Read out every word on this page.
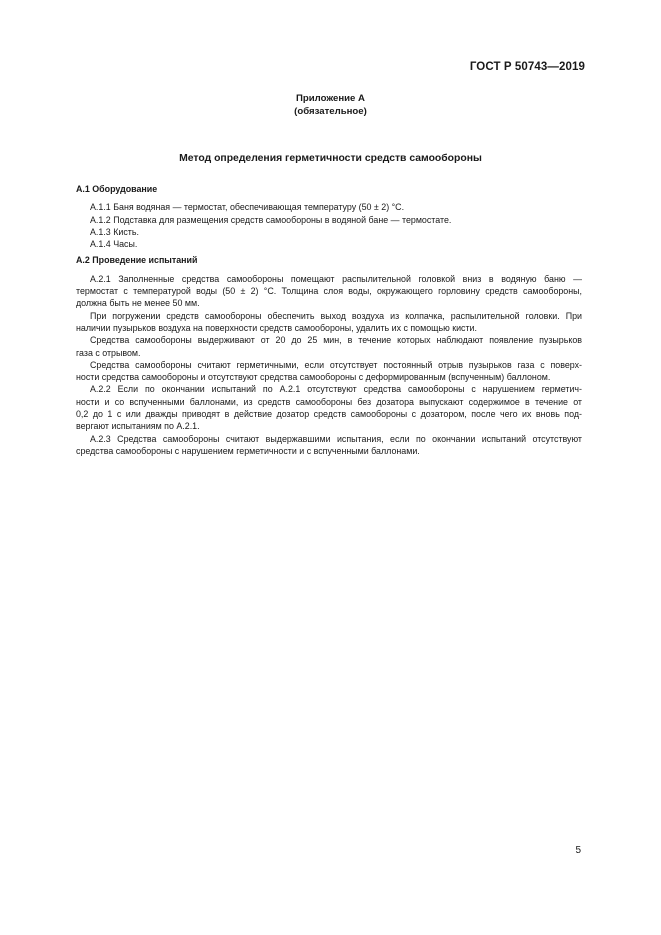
ГОСТ Р 50743—2019
Приложение А
(обязательное)
Метод определения герметичности средств самообороны
А.1 Оборудование
А.1.1 Баня водяная — термостат, обеспечивающая температуру (50 ± 2) °С.
А.1.2 Подставка для размещения средств самообороны в водяной бане — термостате.
А.1.3 Кисть.
А.1.4 Часы.
А.2 Проведение испытаний
А.2.1 Заполненные средства самообороны помещают распылительной головкой вниз в водяную баню —
термостат с температурой воды (50 ± 2) °С. Толщина слоя воды, окружающего горловину средств самообороны,
должна быть не менее 50 мм.
При погружении средств самообороны обеспечить выход воздуха из колпачка, распылительной головки. При
наличии пузырьков воздуха на поверхности средств самообороны, удалить их с помощью кисти.
Средства самообороны выдерживают от 20 до 25 мин, в течение которых наблюдают появление пузырьков
газа с отрывом.
Средства самообороны считают герметичными, если отсутствует постоянный отрыв пузырьков газа с поверх-
ности средства самообороны и отсутствуют средства самообороны с деформированным (вспученным) баллоном.
А.2.2 Если по окончании испытаний по А.2.1 отсутствуют средства самообороны с нарушением герметич-
ности и со вспученными баллонами, из средств самообороны без дозатора выпускают содержимое в течение от
0,2 до 1 с или дважды приводят в действие дозатор средств самообороны с дозатором, после чего их вновь под-
вергают испытаниям по А.2.1.
А.2.3 Средства самообороны считают выдержавшими испытания, если по окончании испытаний отсутствуют
средства самообороны с нарушением герметичности и с вспученными баллонами.
5
